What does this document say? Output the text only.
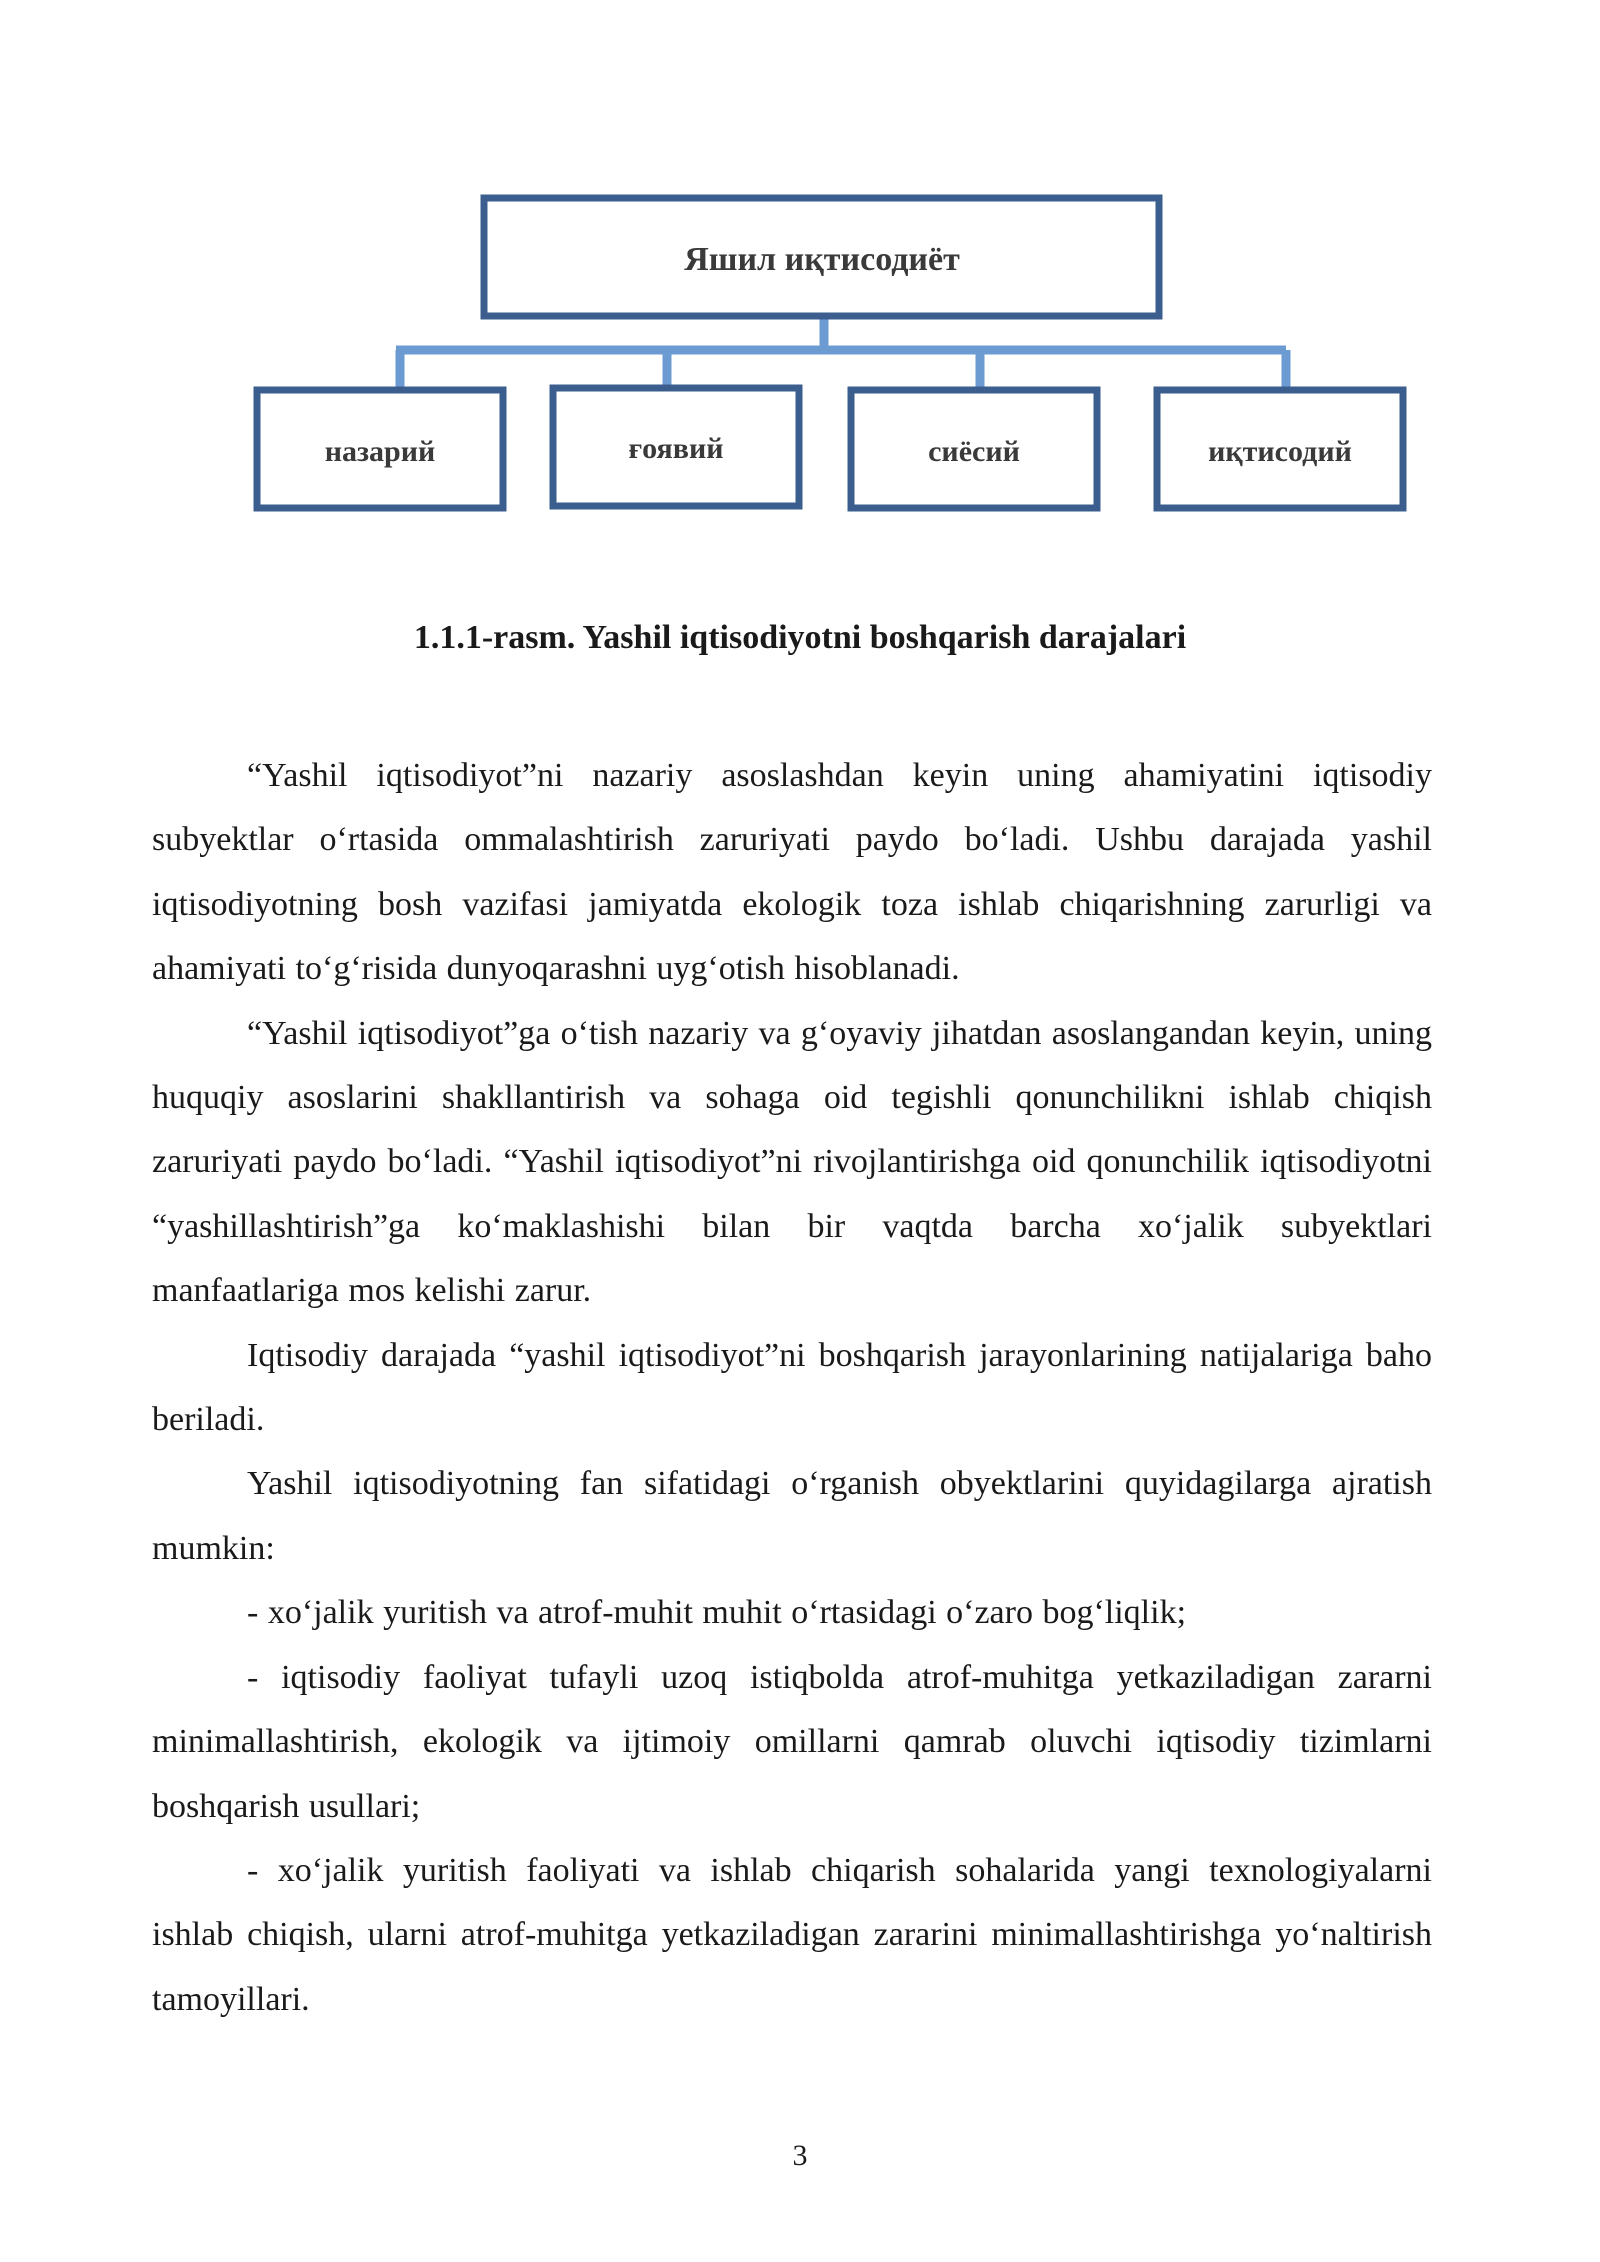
Яшил иқтисодиёт
назарий	ғоявий	сиёсий	иқтисодий
1.1.1-rasm. Yashil iqtisodiyotni boshqarish darajalari

“Yashil iqtisodiyot”ni nazariy asoslashdan keyin uning ahamiyatini iqtisodiy subyektlar o‘rtasida ommalashtirish zaruriyati paydo bo‘ladi. Ushbu darajada yashil iqtisodiyotning bosh vazifasi jamiyatda ekologik toza ishlab chiqarishning zarurligi va ahamiyati to‘g‘risida dunyoqarashni uyg‘otish hisoblanadi.

“Yashil iqtisodiyot”ga o‘tish nazariy va g‘oyaviy jihatdan asoslangandan keyin, uning huquqiy asoslarini shakllantirish va sohaga oid tegishli qonunchilikni ishlab chiqish zaruriyati paydo bo‘ladi. “Yashil iqtisodiyot”ni rivojlantirishga oid qonunchilik iqtisodiyotni “yashillashtirish”ga ko‘maklashishi bilan bir vaqtda barcha xo‘jalik subyektlari manfaatlariga mos kelishi zarur.

Iqtisodiy darajada “yashil iqtisodiyot”ni boshqarish jarayonlarining natijalariga baho beriladi.

Yashil iqtisodiyotning fan sifatidagi o‘rganish obyektlarini quyidagilarga ajratish mumkin:

- xo‘jalik yuritish va atrof-muhit muhit o‘rtasidagi o‘zaro bog‘liqlik;

- iqtisodiy faoliyat tufayli uzoq istiqbolda atrof-muhitga yetkaziladigan zararni minimallashtirish, ekologik va ijtimoiy omillarni qamrab oluvchi iqtisodiy tizimlarni boshqarish usullari;

- xo‘jalik yuritish faoliyati va ishlab chiqarish sohalarida yangi texnologiyalarni ishlab chiqish, ularni atrof-muhitga yetkaziladigan zararini minimallashtirishga yo‘naltirish tamoyillari.

3
